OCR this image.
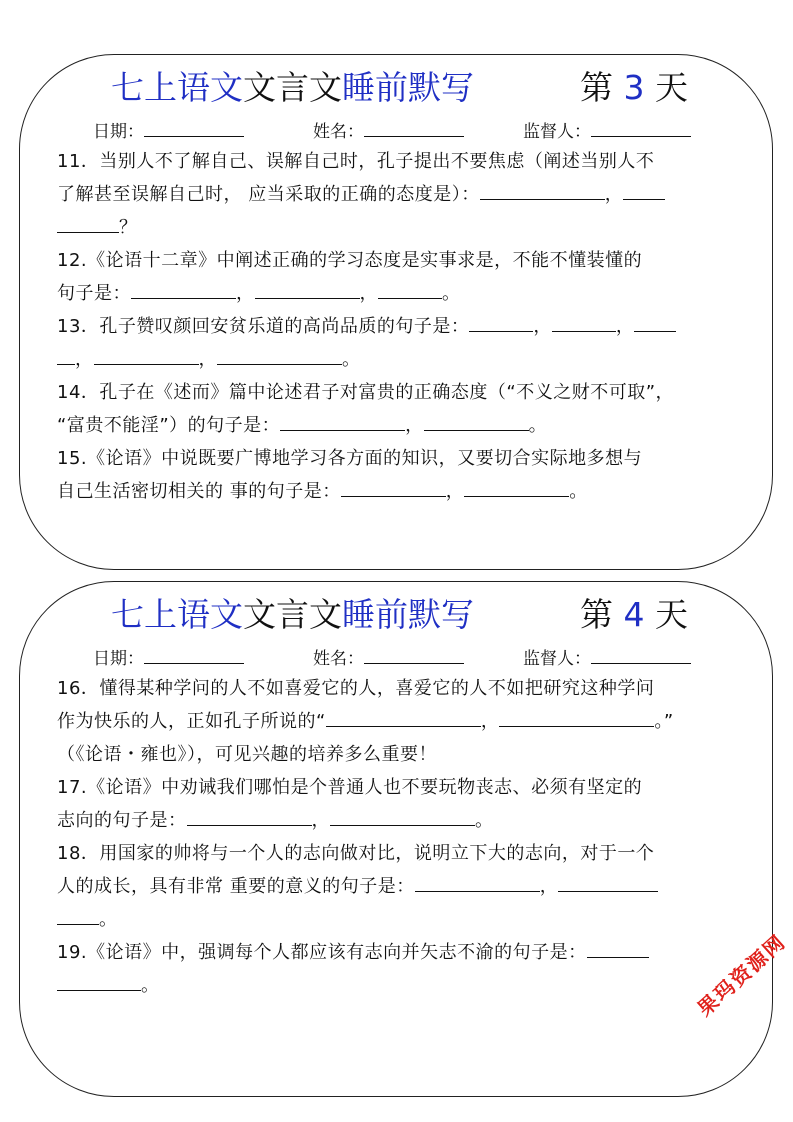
七上语文文言文睡前默写	第 3 天
日期：	姓名：	监督人：
11．当别人不了解自己、误解自己时，孔子提出不要焦虑（阐述当别人不
了解甚至误解自己时， 应当采取的正确的态度是）：	，
？
12.《论语十二章》中阐述正确的学习态度是实事求是，不能不懂装懂的
句子是：	，	，	。
13．孔子赞叹颜回安贫乐道的高尚品质的句子是：	，	，
，	，	。
14．孔子在《述而》篇中论述君子对富贵的正确态度（“不义之财不可取”，
“富贵不能淫”）的句子是：	，	。
15.《论语》中说既要广博地学习各方面的知识，又要切合实际地多想与
自己生活密切相关的 事的句子是：	，	。
七上语文文言文睡前默写	第 4 天
日期：	姓名：	监督人：
16．懂得某种学问的人不如喜爱它的人，喜爱它的人不如把研究这种学问
作为快乐的人，正如孔子所说的“	，	。”
（《论语・雍也》），可见兴趣的培养多么重要！
17.《论语》中劝诫我们哪怕是个普通人也不要玩物丧志、必须有坚定的
志向的句子是：	，	。
18．用国家的帅将与一个人的志向做对比，说明立下大的志向，对于一个
人的成长，具有非常 重要的意义的句子是：	，
。
19.《论语》中，强调每个人都应该有志向并矢志不渝的句子是：
。	果玛资源网
